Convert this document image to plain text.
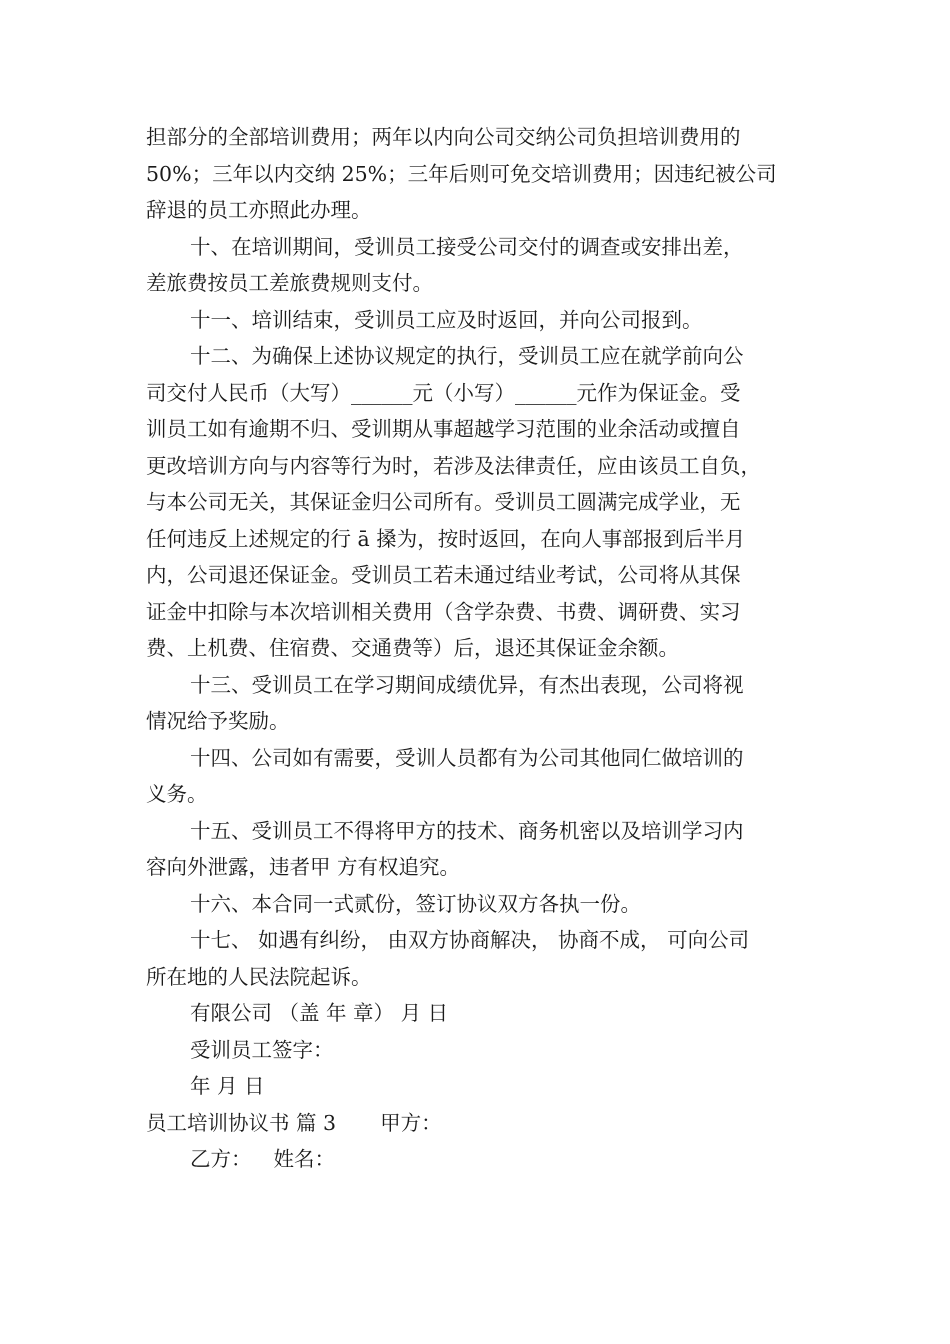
担部分的全部培训费用；两年以内向公司交纳公司负担培训费用的
50%；三年以内交纳 25%；三年后则可免交培训费用；因违纪被公司
辞退的员工亦照此办理。
十、在培训期间，受训员工接受公司交付的调查或安排出差，
差旅费按员工差旅费规则支付。
十一、培训结束，受训员工应及时返回，并向公司报到。
十二、为确保上述协议规定的执行，受训员工应在就学前向公
司交付人民币（大写）______元（小写）______元作为保证金。受
训员工如有逾期不归、受训期从事超越学习范围的业余活动或擅自
更改培训方向与内容等行为时，若涉及法律责任，应由该员工自负，
与本公司无关，其保证金归公司所有。受训员工圆满完成学业，无
任何违反上述规定的行 ā 搡为，按时返回，在向人事部报到后半月
内，公司退还保证金。受训员工若未通过结业考试，公司将从其保
证金中扣除与本次培训相关费用（含学杂费、书费、调研费、实习
费、上机费、住宿费、交通费等）后，退还其保证金余额。
十三、受训员工在学习期间成绩优异，有杰出表现，公司将视
情况给予奖励。
十四、公司如有需要，受训人员都有为公司其他同仁做培训的
义务。
十五、受训员工不得将甲方的技术、商务机密以及培训学习内
容向外泄露，违者甲 方有权追究。
十六、本合同一式贰份，签订协议双方各执一份。
十七、 如遇有纠纷， 由双方协商解决， 协商不成， 可向公司
所在地的人民法院起诉。
有限公司 （盖 年 章） 月 日
受训员工签字：
年 月 日
员工培训协议书 篇 3 甲方：
乙方： 姓名：
